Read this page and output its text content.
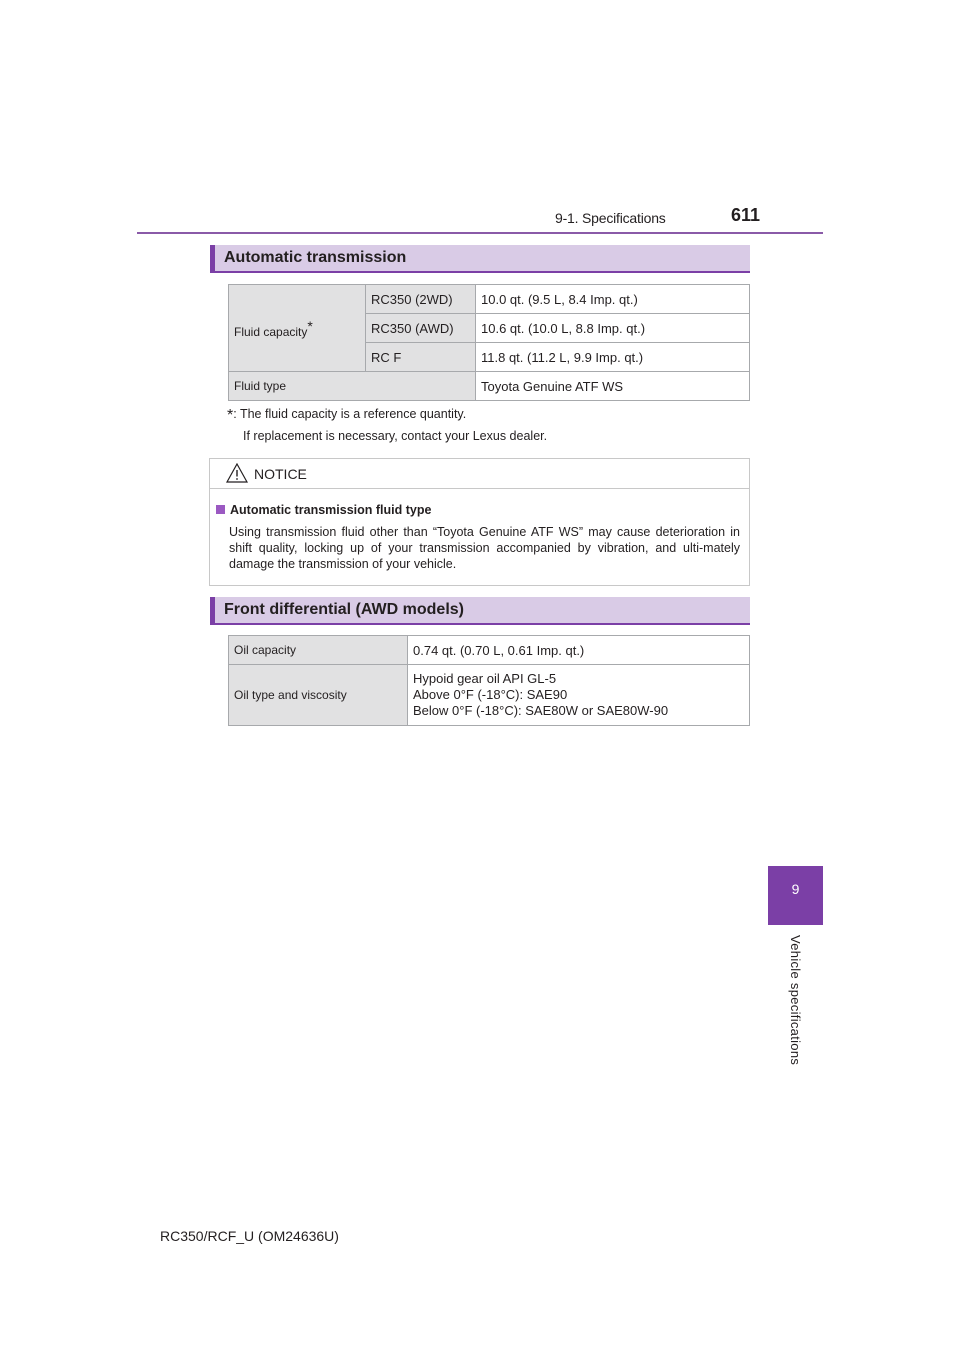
9-1. Specifications	611
Automatic transmission
Fluid capacity*	RC350 (2WD)	10.0 qt. (9.5 L, 8.4 Imp. qt.)
	RC350 (AWD)	10.6 qt. (10.0 L, 8.8 Imp. qt.)
	RC F	11.8 qt. (11.2 L, 9.9 Imp. qt.)
Fluid type		Toyota Genuine ATF WS
*: The fluid capacity is a reference quantity.
If replacement is necessary, contact your Lexus dealer.
NOTICE
Automatic transmission fluid type
Using transmission fluid other than “Toyota Genuine ATF WS” may cause deterioration in shift quality, locking up of your transmission accompanied by vibration, and ulti-mately damage the transmission of your vehicle.
Front differential (AWD models)
Oil capacity	0.74 qt. (0.70 L, 0.61 Imp. qt.)
Oil type and viscosity	Hypoid gear oil API GL-5
Above 0°F (-18°C): SAE90
Below 0°F (-18°C): SAE80W or SAE80W-90
9
Vehicle specifications
RC350/RCF_U (OM24636U)
